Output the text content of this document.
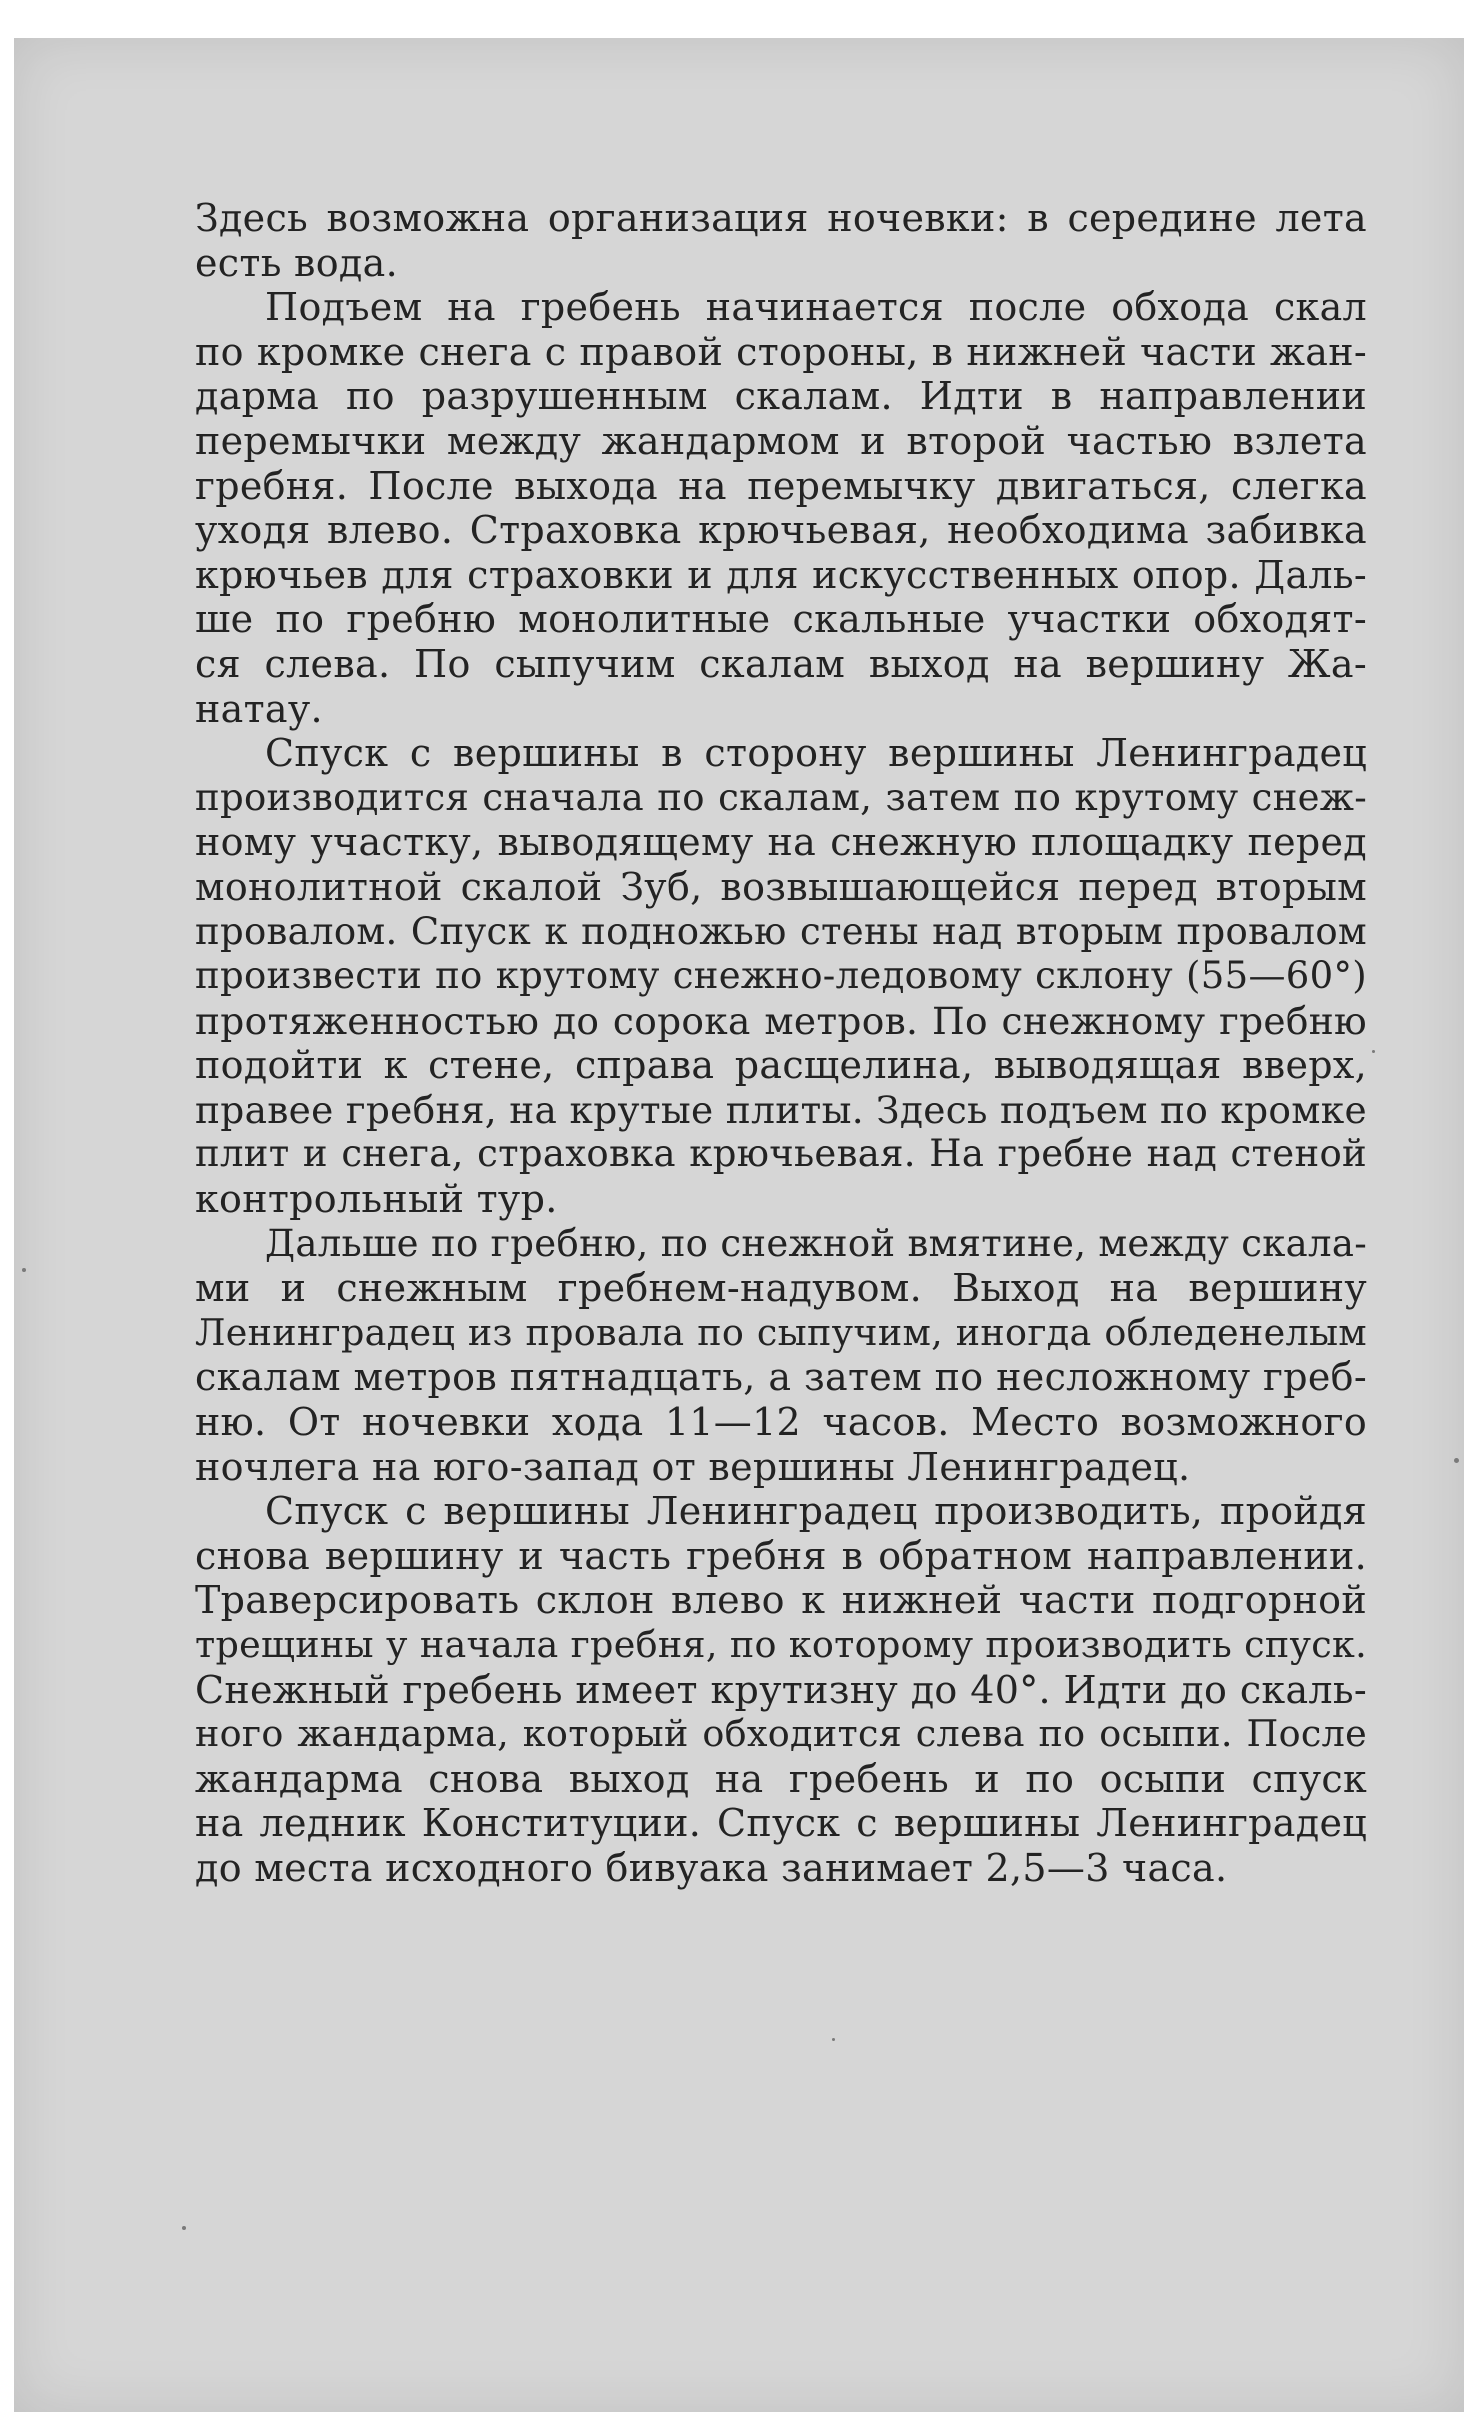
Здесь возможна организация ночевки: в середине лета
есть вода.
Подъем на гребень начинается после обхода скал
по кромке снега с правой стороны, в нижней части жан-
дарма по разрушенным скалам. Идти в направлении
перемычки между жандармом и второй частью взлета
гребня. После выхода на перемычку двигаться, слегка
уходя влево. Страховка крючьевая, необходима забивка
крючьев для страховки и для искусственных опор. Даль-
ше по гребню монолитные скальные участки обходят-
ся слева. По сыпучим скалам выход на вершину Жа-
натау.
Спуск с вершины в сторону вершины Ленинградец
производится сначала по скалам, затем по крутому снеж-
ному участку, выводящему на снежную площадку перед
монолитной скалой Зуб, возвышающейся перед вторым
провалом. Спуск к подножью стены над вторым провалом
произвести по крутому снежно-ледовому склону (55—60°)
протяженностью до сорока метров. По снежному гребню
подойти к стене, справа расщелина, выводящая вверх,
правее гребня, на крутые плиты. Здесь подъем по кромке
плит и снега, страховка крючьевая. На гребне над стеной
контрольный тур.
Дальше по гребню, по снежной вмятине, между скала-
ми и снежным гребнем-надувом. Выход на вершину
Ленинградец из провала по сыпучим, иногда обледенелым
скалам метров пятнадцать, а затем по несложному греб-
ню. От ночевки хода 11—12 часов. Место возможного
ночлега на юго-запад от вершины Ленинградец.
Спуск с вершины Ленинградец производить, пройдя
снова вершину и часть гребня в обратном направлении.
Траверсировать склон влево к нижней части подгорной
трещины у начала гребня, по которому производить спуск.
Снежный гребень имеет крутизну до 40°. Идти до скаль-
ного жандарма, который обходится слева по осыпи. После
жандарма снова выход на гребень и по осыпи спуск
на ледник Конституции. Спуск с вершины Ленинградец
до места исходного бивуака занимает 2,5—3 часа.
